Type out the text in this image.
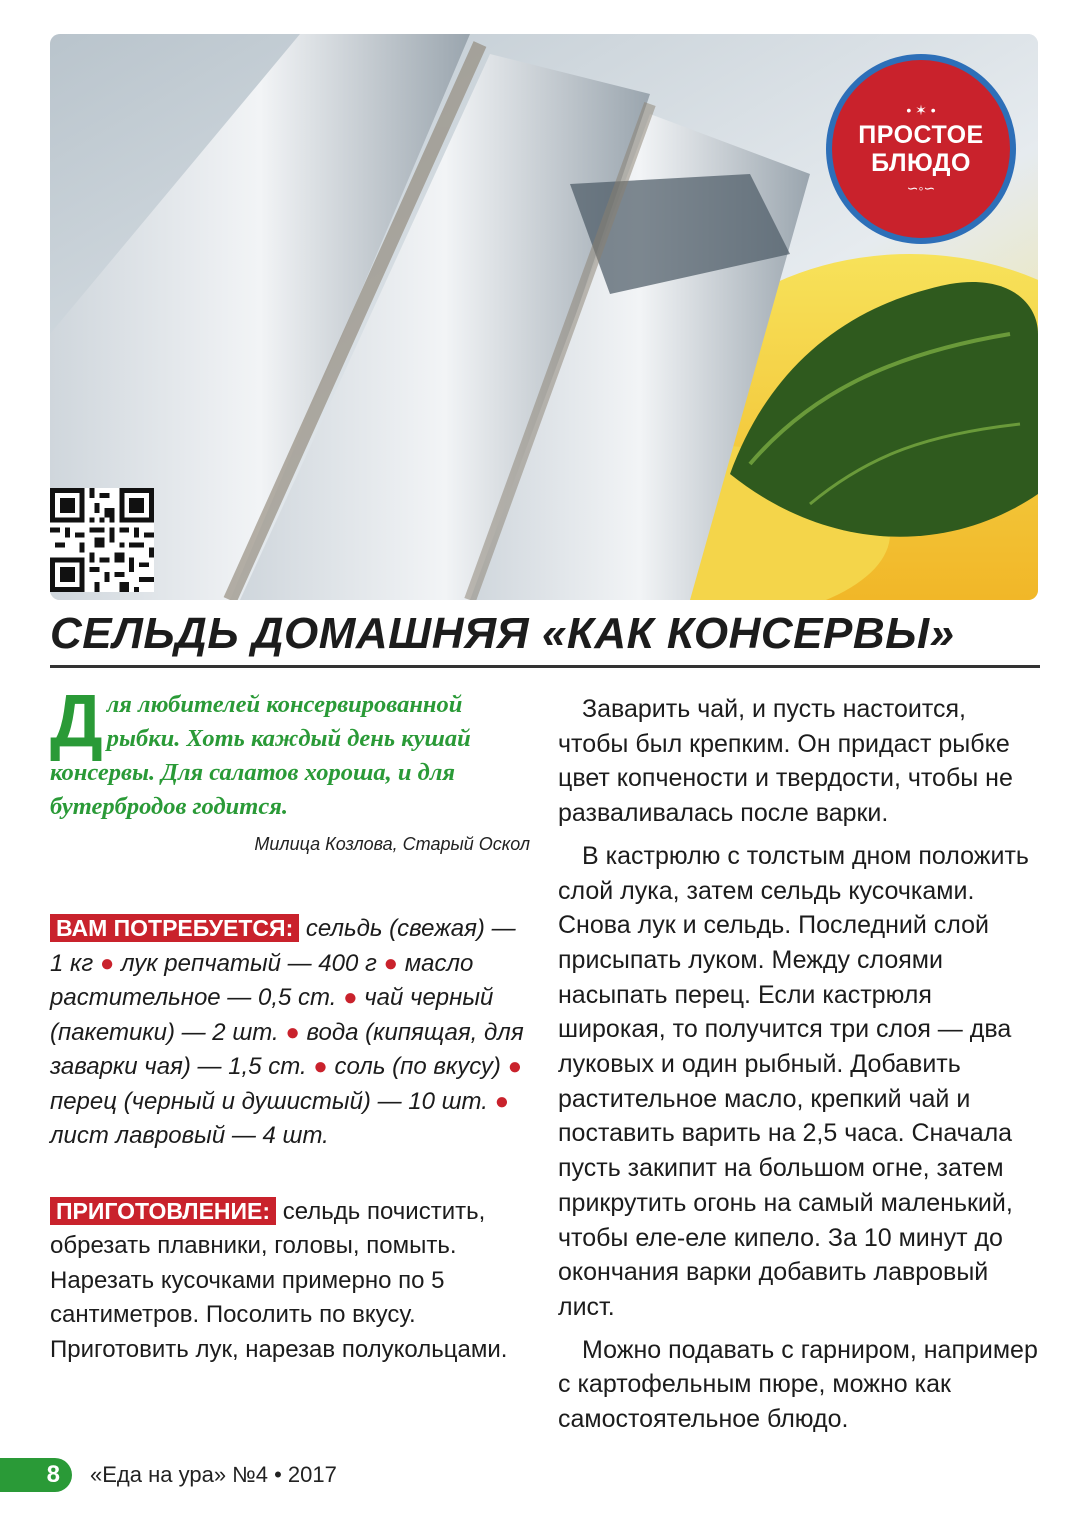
• ✶ •
ПРОСТОЕ
БЛЮДО
∽◦∽
СЕЛЬДЬ ДОМАШНЯЯ «КАК КОНСЕРВЫ»

Для любителей консервированной рыбки. Хоть каждый день кушай консервы. Для салатов хороша, и для бутербродов годится.

Милица Козлова, Старый Оскол

ВАМ ПОТРЕБУЕТСЯ: сельдь (свежая) — 1 кг ● лук репчатый — 400 г ● масло растительное — 0,5 ст. ● чай черный (пакетики) — 2 шт. ● вода (кипящая, для заварки чая) — 1,5 ст. ● соль (по вкусу) ● перец (черный и душистый) — 10 шт. ● лист лавровый — 4 шт.

ПРИГОТОВЛЕНИЕ: сельдь почистить, обрезать плавники, головы, помыть. Нарезать кусочками примерно по 5 сантиметров. Посолить по вкусу. Приготовить лук, нарезав полукольцами.

Заварить чай, и пусть настоится, чтобы был крепким. Он придаст рыбке цвет копчености и твердости, чтобы не разваливалась после варки.

В кастрюлю с толстым дном положить слой лука, затем сельдь кусочками. Снова лук и сельдь. Последний слой присыпать луком. Между слоями насыпать перец. Если кастрюля широкая, то получится три слоя — два луковых и один рыбный. Добавить растительное масло, крепкий чай и поставить варить на 2,5 часа. Сначала пусть закипит на большом огне, затем прикрутить огонь на самый маленький, чтобы еле-еле кипело. За 10 минут до окончания варки добавить лавровый лист.

Можно подавать с гарниром, например с картофельным пюре, можно как самостоятельное блюдо.

8	«Еда на ура» №4 • 2017
